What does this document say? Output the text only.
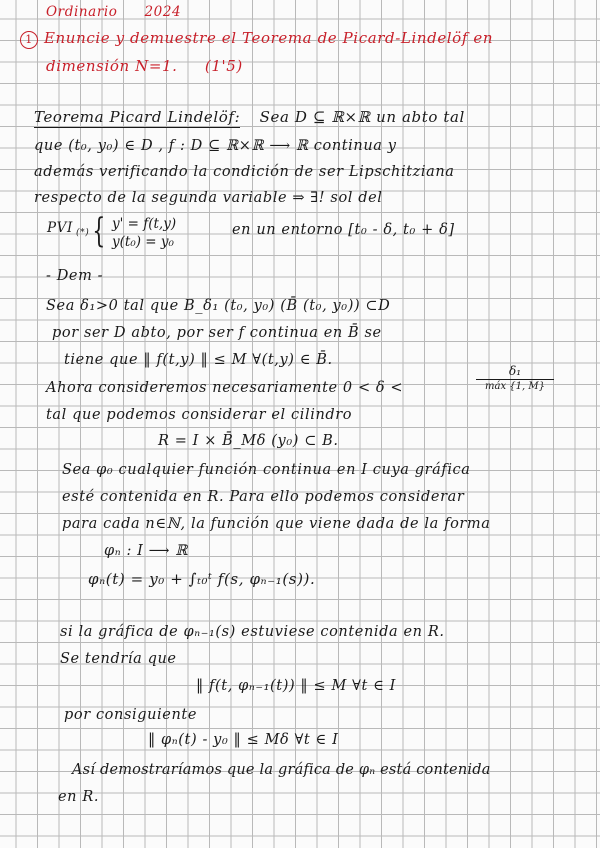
Ordinario 2024
1 Enuncie y demuestre el Teorema de Picard-Lindelöf en
dimensión N=1. (1'5)
Teorema Picard Lindelöf: Sea D ⊆ ℝ×ℝ un abto tal
que (t₀, y₀) ∈ D , f : D ⊆ ℝ×ℝ ⟶ ℝ continua y
además verificando la condición de ser Lipschitziana
respecto de la segunda variable ⇒ ∃! sol del
PVI (*) { y' = f(t,y)
y(t₀) = y₀
en un entorno [t₀ - δ, t₀ + δ]
- Dem -
Sea δ₁>0 tal que B_δ₁ (t₀, y₀) (B̄ (t₀, y₀)) ⊂D
por ser D abto, por ser f continua en B̄ se
tiene que ‖ f(t,y) ‖ ≤ M ∀(t,y) ∈ B̄.
Ahora consideremos necesariamente 0 < δ <
δ₁
máx {1, M}
tal que podemos considerar el cilindro
R = I × B̄_Mδ (y₀) ⊂ B.
Sea φ₀ cualquier función continua en I cuya gráfica
esté contenida en R. Para ello podemos considerar
para cada n∈ℕ, la función que viene dada de la forma
φₙ : I ⟶ ℝ
φₙ(t) = y₀ + ∫ₜ₀ᵗ f(s, φₙ₋₁(s)).
si la gráfica de φₙ₋₁(s) estuviese contenida en R.
Se tendría que
‖ f(t, φₙ₋₁(t)) ‖ ≤ M ∀t ∈ I
por consiguiente
‖ φₙ(t) - y₀ ‖ ≤ Mδ ∀t ∈ I
Así demostraríamos que la gráfica de φₙ está contenida
en R.
